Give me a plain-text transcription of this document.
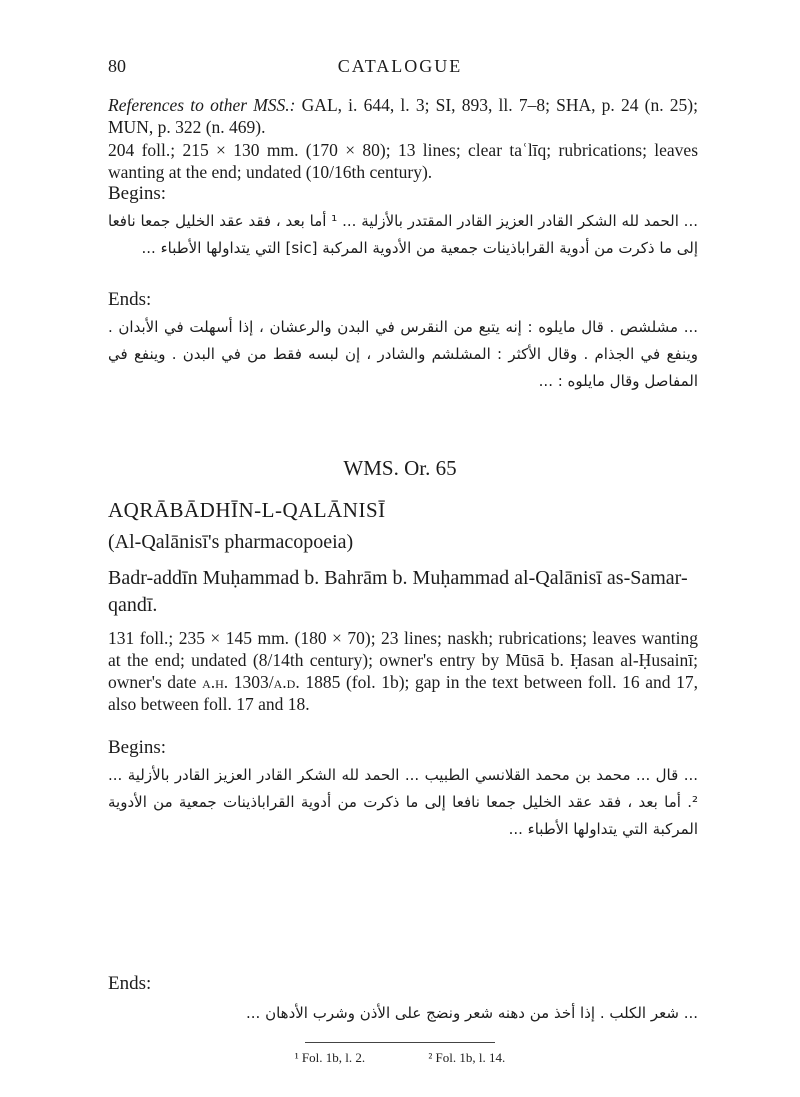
80	CATALOGUE
References to other MSS.: GAL, i. 644, l. 3; SI, 893, ll. 7–8; SHA, p. 24 (n. 25); MUN, p. 322 (n. 469).
204 foll.; 215 × 130 mm. (170 × 80); 13 lines; clear taʿlīq; rubrications; leaves wanting at the end; undated (10/16th century).
Begins:
... الحمد لله الشكر القادر العزيز القادر المقتدر بالأزلية ... ¹ أما بعد ، فقد عقد الخليل جمعا نافعا إلى ما ذكرت من أدوية القراباذينات جمعية من الأدوية المركبة [sic] التي يتداولها الأطباء ...
Ends:
... مشلشص . قال مايلوه : إنه يتبع من النقرس في البدن والرعشان ، إذا أسهلت في الأبدان . وينفع في الجذام . وقال الأكثر : المشلشم والشادر ، إن لبسه فقط من في البدن . وينفع في المفاصل وقال مايلوه : ...
WMS. Or. 65
AQRĀBĀDHĪN-L-QALĀNISĪ
(Al-Qalānisī's pharmacopoeia)
Badr-addīn Muḥammad b. Bahrām b. Muḥammad al-Qalānisī as-Samar-qandī.
131 foll.; 235 × 145 mm. (180 × 70); 23 lines; naskh; rubrications; leaves wanting at the end; undated (8/14th century); owner's entry by Mūsā b. Ḥasan al-Ḥusainī; owner's date a.h. 1303/a.d. 1885 (fol. 1b); gap in the text between foll. 16 and 17, also between foll. 17 and 18.
Begins:
... قال ... محمد بن محمد القلانسي الطبيب ... الحمد لله الشكر القادر العزيز القادر بالأزلية ... ². أما بعد ، فقد عقد الخليل جمعا نافعا إلى ما ذكرت من أدوية القراباذينات جمعية من الأدوية المركبة التي يتداولها الأطباء ...
Ends:
... شعر الكلب . إذا أخذ من دهنه شعر ونضج على الأذن وشرب الأدهان ...
¹ Fol. 1b, l. 2.	² Fol. 1b, l. 14.
